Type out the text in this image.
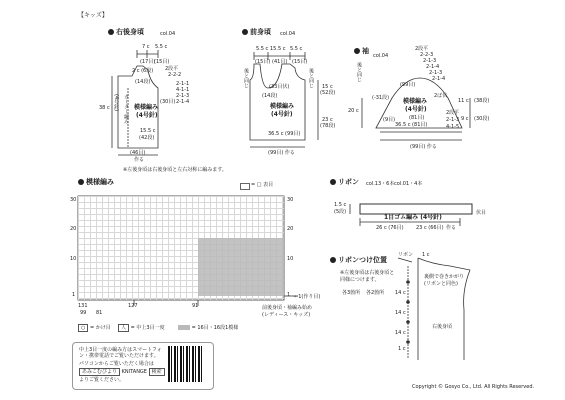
【キッズ】
右後身頃	col.04
7 c 5.5 c
(17目)
(15目)
2 c (6段)
(14段)
2段平
2-2-2
2-1-1
4-1-1
2-1-3
2-1-4
(30目)
ガーター編み
(4号針)	模様編み
(4号針)
38 c
15.5 c
(42段)
(46目)
作る
※左後身頃は右後身頃と左右対称に編みます。
前身頃 col.04
5.5 c 15.5 c 5.5 c
(15目) (41目) (15目)
後と同じ	後と同じ
(33目伏)
(14段)
15 c
(52段)
23 c
(78段)
模様編み
(4号針)
36.5 c (99目)
(99目) 作る
袖
col.04
2段平
2-2-3
2-1-3
2-1-4
2-1-3
2-1-4
2ば伏
(99目)
(-31段)
20 c
模様編み
(4号針)
(81目)
36.5 c (81目)
(9目)
11 c (38段)
9 c (30段)
2段平
2-1-3
4-1-5
後と同じ
(99目) 作る
模様編み	= □ 表目
30
20
10
1
30
20
10
1 ←1(作り目)
131	127	91
99 81
前後身頃・袖編み始め
(レディース・キッズ)
○ = かけ目	人 = 中上3目一度	= 16目・16段1模様
中上3目一度の編み方はスマートフォ
ン・携帯電話でご覧いただけます。
パソコンからご覧いただく場合は
あみこむびより KNITANGE 検索
よりご覧ください。
リボン col.13・6本 col.01・4本
1.5 c
(5段)
1目ゴム編み (4号針)
伏目
26 c (76目) 23 c (66目) 作る
リボンつけ位置
※左後身頃は右後身頃と
同様につけます。
各3箇所 各2箇所
リボン 1 c
裏側で巻きかがり
(リボンと同色)
14 c
14 c
14 c
1 c
右後身頃
Copyright © Gosyo Co., Ltd. All Rights Reserved.
